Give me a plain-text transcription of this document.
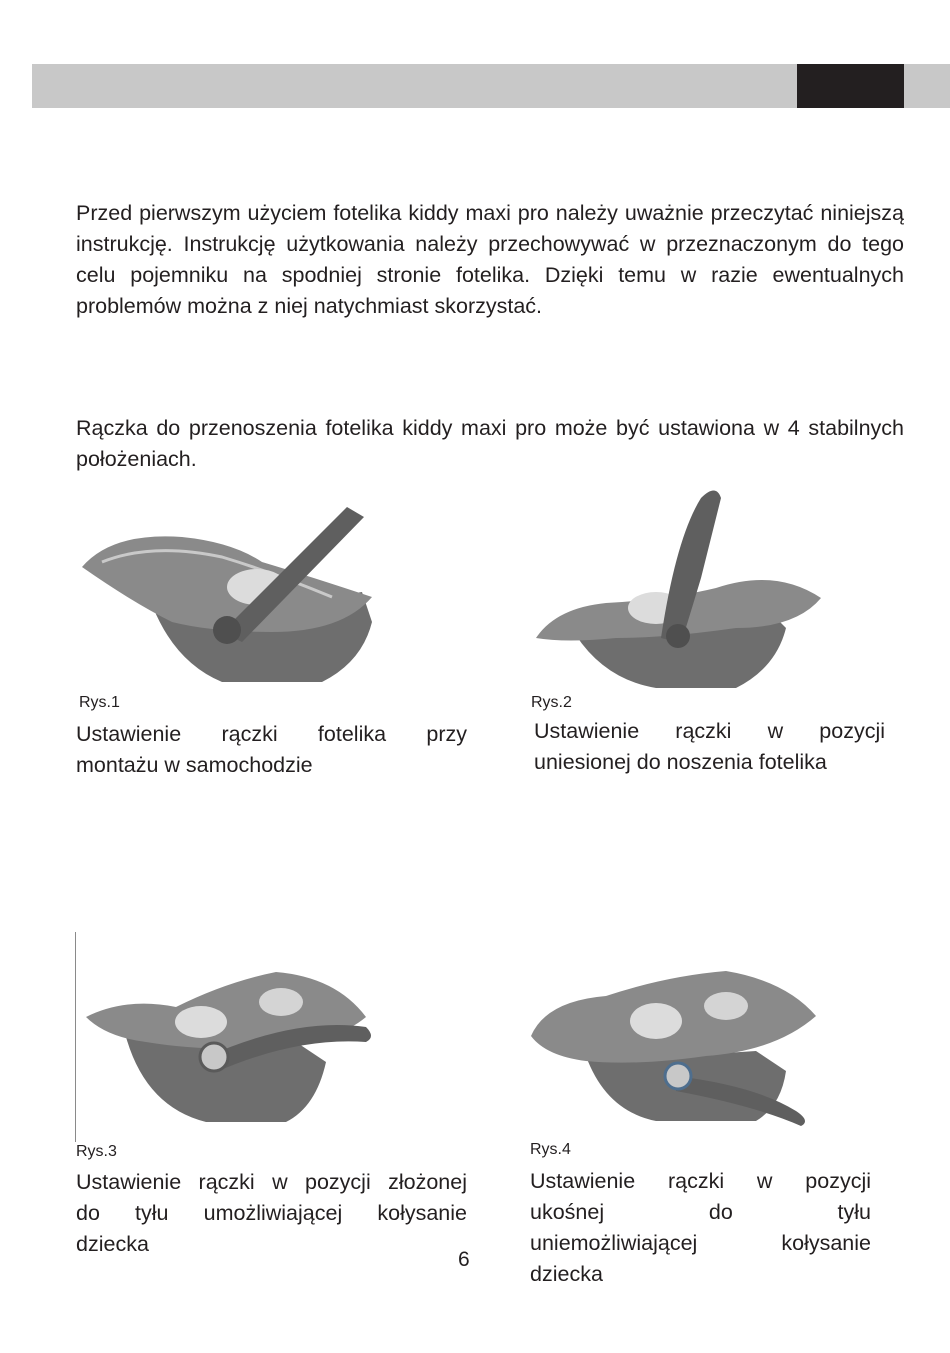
Przed pierwszym użyciem fotelika kiddy maxi pro należy uważnie przeczytać niniejszą instrukcję. Instrukcję użytkowania należy przechowywać w przeznaczonym do tego celu pojemniku na spodniej stronie fotelika. Dzięki temu w razie ewentualnych problemów można z niej natychmiast skorzystać.

Rączka do przenoszenia fotelika kiddy maxi pro może być ustawiona w 4 stabilnych położeniach.

Rys.1
Ustawienie rączki fotelika przy
montażu w samochodzie
Rys.2
Ustawienie rączki w pozycji
uniesionej do noszenia fotelika
Rys.3
Ustawienie rączki w pozycji złożonej
do tyłu umożliwiającej kołysanie
dziecka
Rys.4
Ustawienie rączki w pozycji
ukośnej do tyłu
uniemożliwiającej kołysanie
dziecka
6
